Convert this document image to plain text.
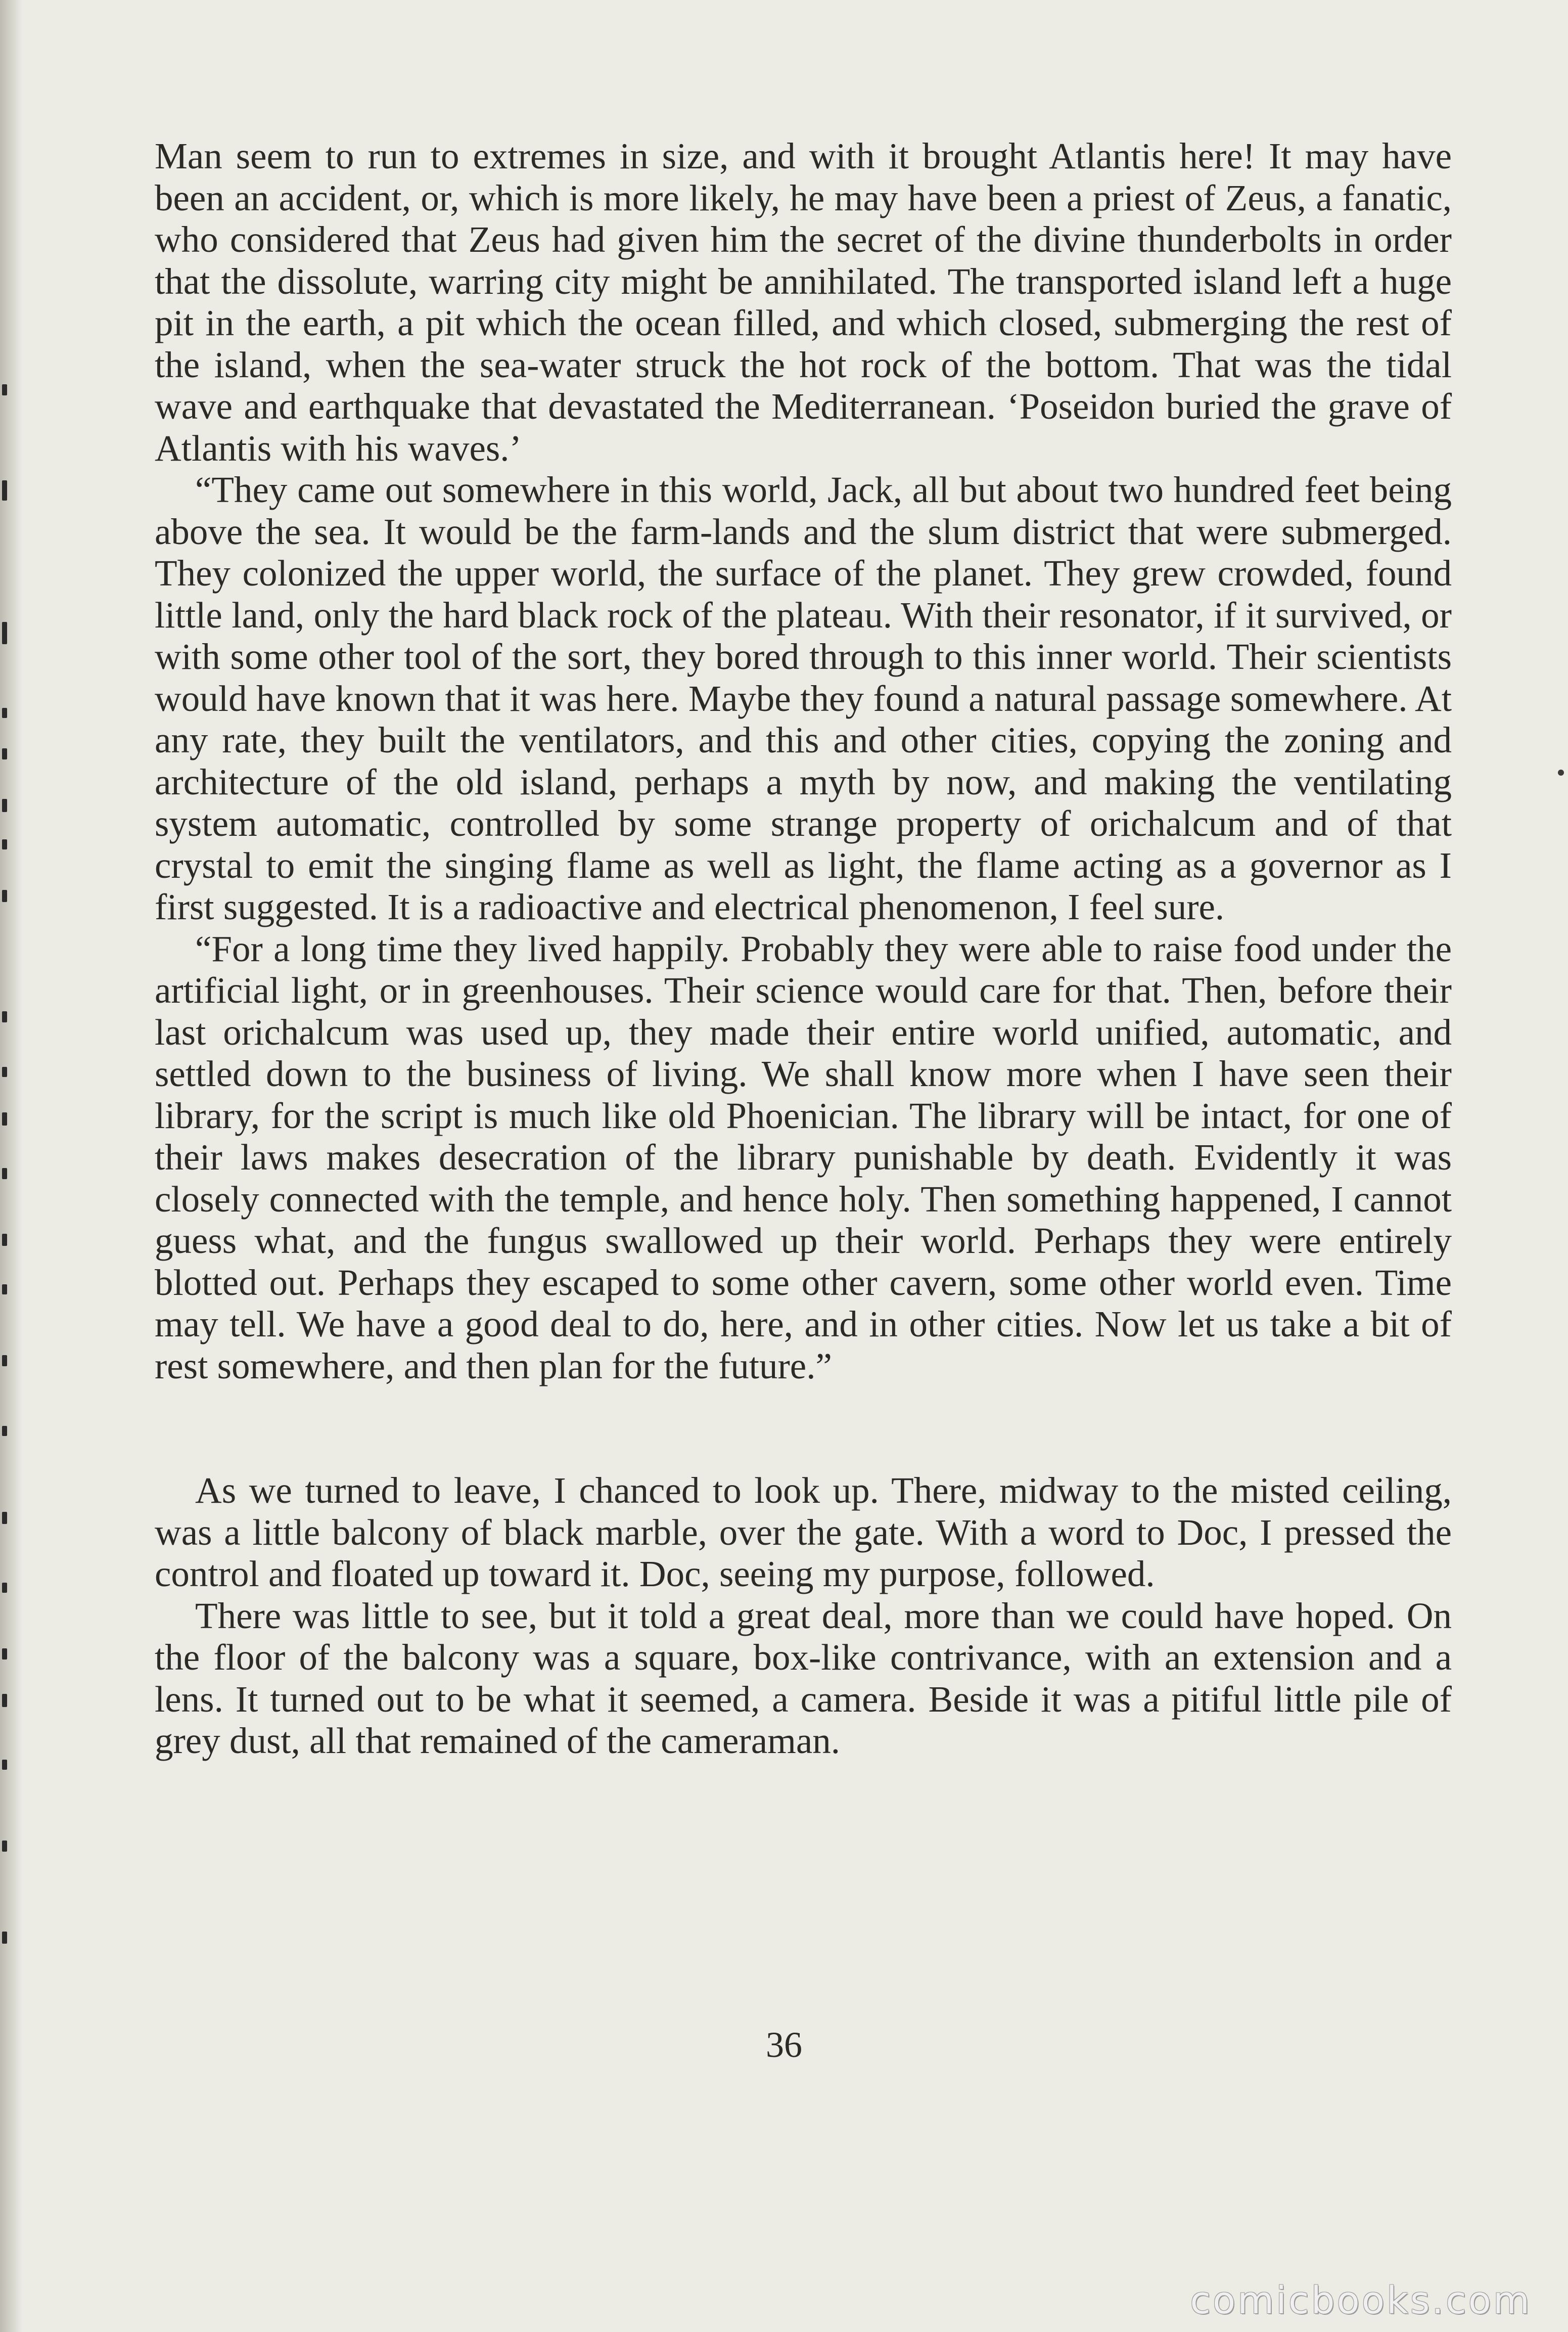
Man seem to run to extremes in size, and with it brought Atlantis here! It may have been an accident, or, which is more likely, he may have been a priest of Zeus, a fanatic, who considered that Zeus had given him the secret of the divine thunderbolts in order that the dissolute, warring city might be annihilated. The transported island left a huge pit in the earth, a pit which the ocean filled, and which closed, submerging the rest of the island, when the sea-water struck the hot rock of the bottom. That was the tidal wave and earthquake that devastated the Mediterranean. ‘Poseidon buried the grave of Atlantis with his waves.’

“They came out somewhere in this world, Jack, all but about two hundred feet being above the sea. It would be the farm-lands and the slum district that were submerged. They colonized the upper world, the surface of the planet. They grew crowded, found little land, only the hard black rock of the plateau. With their resonator, if it survived, or with some other tool of the sort, they bored through to this inner world. Their scientists would have known that it was here. Maybe they found a natural passage somewhere. At any rate, they built the ventilators, and this and other cities, copying the zoning and architecture of the old island, perhaps a myth by now, and making the ventilating system automatic, controlled by some strange property of orichalcum and of that crystal to emit the singing flame as well as light, the flame acting as a governor as I first suggested. It is a radioactive and electrical phenomenon, I feel sure.

“For a long time they lived happily. Probably they were able to raise food under the artificial light, or in greenhouses. Their science would care for that. Then, before their last orichalcum was used up, they made their entire world unified, automatic, and settled down to the business of living. We shall know more when I have seen their library, for the script is much like old Phoenician. The library will be intact, for one of their laws makes desecration of the library punishable by death. Evidently it was closely connected with the temple, and hence holy. Then something happened, I cannot guess what, and the fungus swallowed up their world. Perhaps they were entirely blotted out. Perhaps they escaped to some other cavern, some other world even. Time may tell. We have a good deal to do, here, and in other cities. Now let us take a bit of rest somewhere, and then plan for the future.”

As we turned to leave, I chanced to look up. There, midway to the misted ceiling, was a little balcony of black marble, over the gate. With a word to Doc, I pressed the control and floated up toward it. Doc, seeing my purpose, followed.

There was little to see, but it told a great deal, more than we could have hoped. On the floor of the balcony was a square, box-like contrivance, with an extension and a lens. It turned out to be what it seemed, a camera. Beside it was a pitiful little pile of grey dust, all that remained of the cameraman.

36
comicbooks.com
